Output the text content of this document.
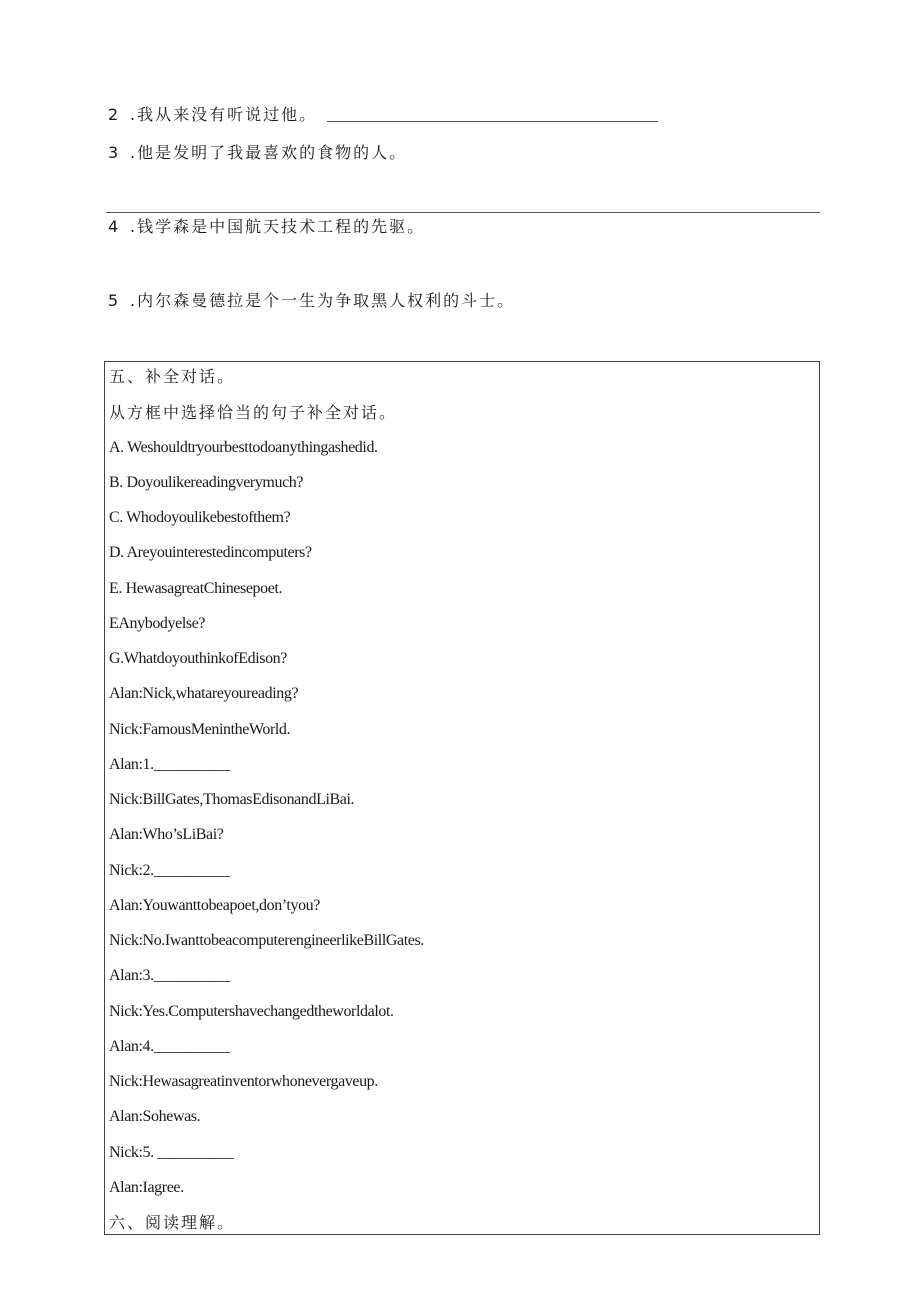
2 .我从来没有听说过他。
3 .他是发明了我最喜欢的食物的人。
4 .钱学森是中国航天技术工程的先驱。
5 .内尔森曼德拉是个一生为争取黑人权利的斗士。
五、补全对话。
从方框中选择恰当的句子补全对话。
A. Weshouldtryourbesttodoanythingashedid.
B. Doyoulikereadingverymuch?
C. Whodoyoulikebestofthem?
D. Areyouinterestedincomputers?
E. HewasagreatChinesepoet.
EAnybodyelse?
G.WhatdoyouthinkofEdison?
Alan:Nick,whatareyoureading?
Nick:FamousMenintheWorld.
Alan:1.__________
Nick:BillGates,ThomasEdisonandLiBai.
Alan:Who’sLiBai?
Nick:2.__________
Alan:Youwanttobeapoet,don’tyou?
Nick:No.IwanttobeacomputerengineerlikeBillGates.
Alan:3.__________
Nick:Yes.Computershavechangedtheworldalot.
Alan:4.__________
Nick:Hewasagreatinventorwhonevergaveup.
Alan:Sohewas.
Nick:5. __________
Alan:Iagree.
六、阅读理解。
